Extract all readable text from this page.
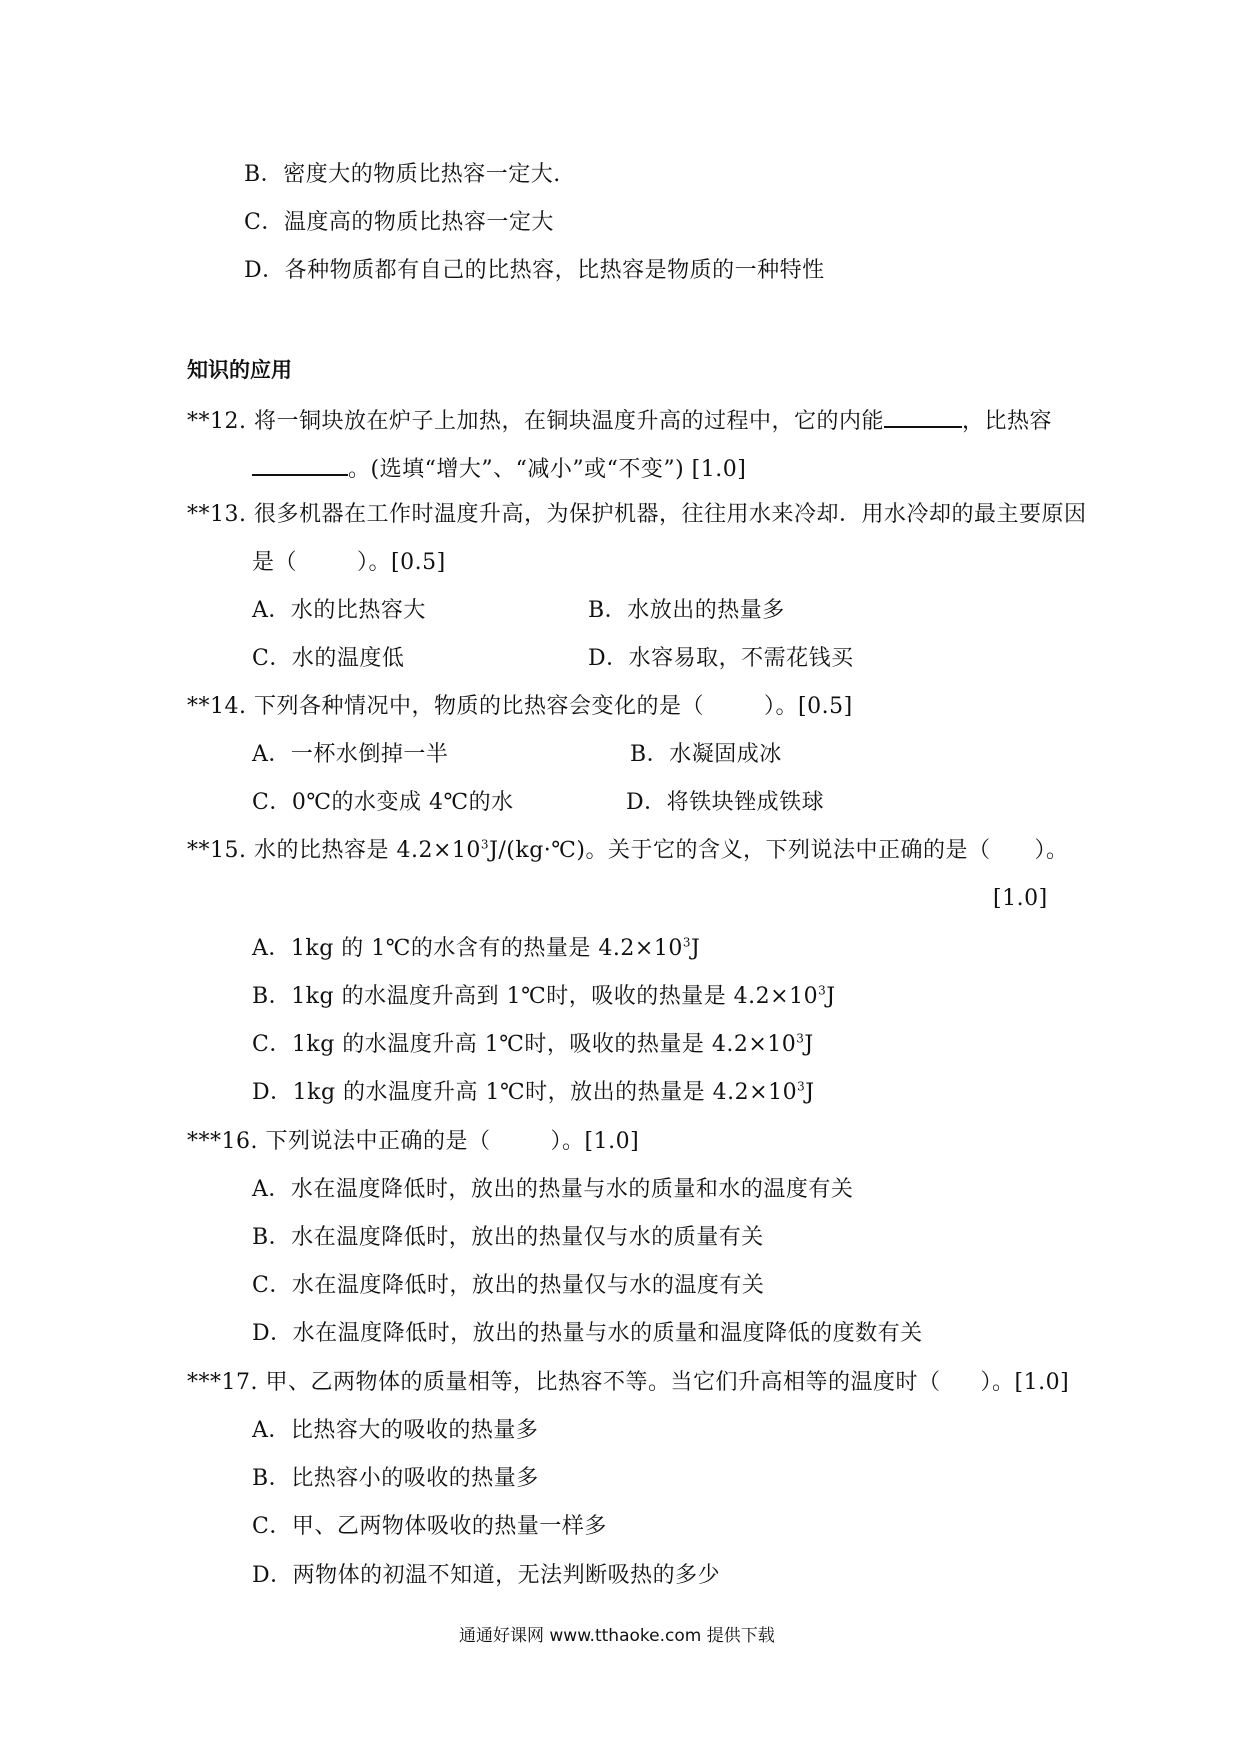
B．密度大的物质比热容一定大.
C．温度高的物质比热容一定大
D．各种物质都有自己的比热容，比热容是物质的一种特性
知识的应用
**12. 将一铜块放在炉子上加热，在铜块温度升高的过程中，它的内能	，比热容
。(选填“增大”、“减小”或“不变”) [1.0]
**13. 很多机器在工作时温度升高，为保护机器，往往用水来冷却．用水冷却的最主要原因
是（	）。[0.5]
A．水的比热容大	B．水放出的热量多
C．水的温度低	D．水容易取，不需花钱买
**14. 下列各种情况中，物质的比热容会变化的是（	）。[0.5]
A．一杯水倒掉一半	B．水凝固成冰
C．0℃的水变成 4℃的水	D．将铁块锉成铁球
**15. 水的比热容是 $4.2\times 10^3J/(kg\cdot℃)$。关于它的含义，下列说法中正确的是（ ）。
[1.0]
A．1kg 的 1℃的水含有的热量是 $4.2\times 10^3J$
B．1kg 的水温度升高到 1℃时，吸收的热量是 $4.2\times 10^3J$
C．1kg 的水温度升高 1℃时，吸收的热量是 $4.2\times 10^3J$
D．1kg 的水温度升高 1℃时，放出的热量是 $4.2\times 10^3J$
***16. 下列说法中正确的是（	）。[1.0]
A．水在温度降低时，放出的热量与水的质量和水的温度有关
B．水在温度降低时，放出的热量仅与水的质量有关
C．水在温度降低时，放出的热量仅与水的温度有关
D．水在温度降低时，放出的热量与水的质量和温度降低的度数有关
***17. 甲、乙两物体的质量相等，比热容不等。当它们升高相等的温度时（ ）。[1.0]
A．比热容大的吸收的热量多
B．比热容小的吸收的热量多
C．甲、乙两物体吸收的热量一样多
D．两物体的初温不知道，无法判断吸热的多少
通通好课网 www.tthaoke.com 提供下载
